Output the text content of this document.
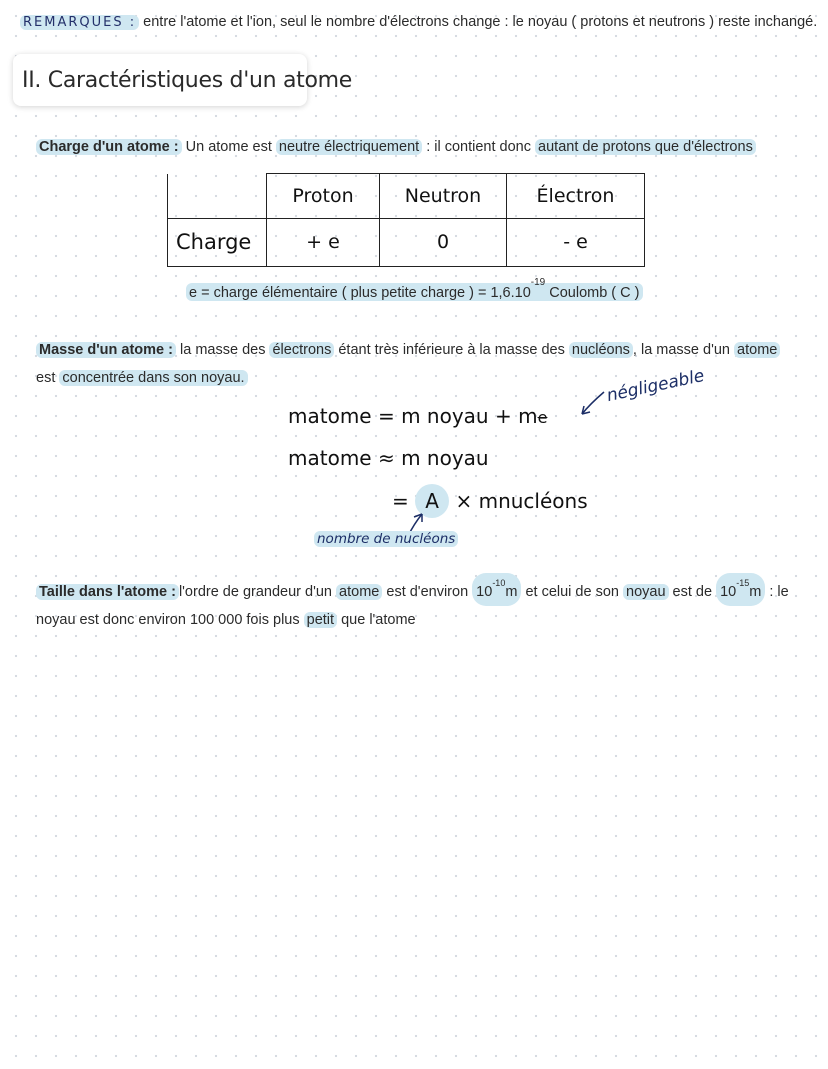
REMARQUES : entre l'atome et l'ion, seul le nombre d'électrons change : le noyau ( protons et neutrons ) reste inchangé.
II. Caractéristiques d'un atome
Charge d'un atome : Un atome est neutre électriquement : il contient donc autant de protons que d'électrons
	Proton	Neutron	Électron
Charge	+ e	0	- e
e = charge élémentaire ( plus petite charge ) = $1,6.10^{-19}$ Coulomb ( C )
Masse d'un atome : la masse des électrons étant très inférieure à la masse des nucléons , la masse d'un atome est concentrée dans son noyau.
matome = m noyau + me
matome ≈ m noyau
= A × mnucléons
négligeable
nombre de nucléons
Taille dans l'atome : l'ordre de grandeur d'un atome est d'environ $10^{-10}m$ et celui de son noyau est de $10^{-15}m$ : le noyau est donc environ 100 000 fois plus petit que l'atome
